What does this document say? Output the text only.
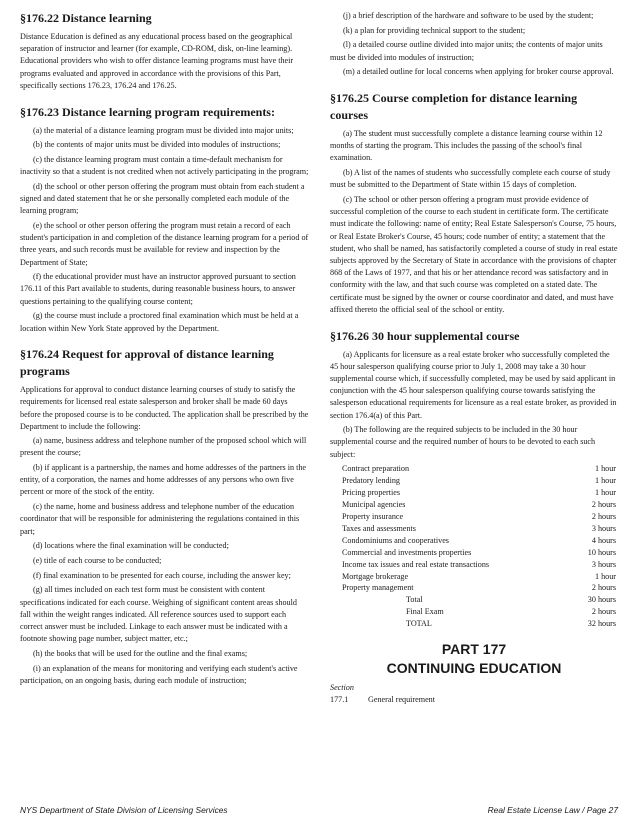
§176.22 Distance learning

Distance Education is defined as any educational process based on the geographical separation of instructor and learner (for example, CD-ROM, disk, on-line learning). Educational providers who wish to offer distance learning programs must have their programs evaluated and approved in accordance with the provisions of this Part, specifically sections 176.23, 176.24 and 176.25.

§176.23 Distance learning program requirements:

(a) the material of a distance learning program must be divided into major units;

(b) the contents of major units must be divided into modules of instructions;

(c) the distance learning program must contain a time-default mechanism for inactivity so that a student is not credited when not actively participating in the program;

(d) the school or other person offering the program must obtain from each student a signed and dated statement that he or she personally completed each module of the learning program;

(e) the school or other person offering the program must retain a record of each student's participation in and completion of the distance learning program for a period of three years, and such records must be available for review and inspection by the Department of State;

(f) the educational provider must have an instructor approved pursuant to section 176.11 of this Part available to students, during reasonable business hours, to answer questions pertaining to the qualifying course content;

(g) the course must include a proctored final examination which must be held at a location within New York State approved by the Department.

§176.24 Request for approval of distance learning programs

Applications for approval to conduct distance learning courses of study to satisfy the requirements for licensed real estate salesperson and broker shall be made 60 days before the proposed course is to be conducted. The application shall be prescribed by the Department to include the following:

(a) name, business address and telephone number of the proposed school which will present the course;

(b) if applicant is a partnership, the names and home addresses of the partners in the entity, of a corporation, the names and home addresses of any persons who own five percent or more of the stock of the entity.

(c) the name, home and business address and telephone number of the education coordinator that will be responsible for administering the regulations contained in this part;

(d) locations where the final examination will be conducted;

(e) title of each course to be conducted;

(f) final examination to be presented for each course, including the answer key;

(g) all times included on each test form must be consistent with content specifications indicated for each course. Weighing of significant content areas should fall within the weight ranges indicated. All reference sources used to support each correct answer must be included. Linkage to each answer must be indicated with a footnote showing page number, subject matter, etc.;

(h) the books that will be used for the outline and the final exams;

(i) an explanation of the means for monitoring and verifying each student's active participation, on an ongoing basis, during each module of instruction;

(j) a brief description of the hardware and software to be used by the student;

(k) a plan for providing technical support to the student;

(l) a detailed course outline divided into major units; the contents of major units must be divided into modules of instruction;

(m) a detailed outline for local concerns when applying for broker course approval.

§176.25 Course completion for distance learning courses

(a) The student must successfully complete a distance learning course within 12 months of starting the program. This includes the passing of the school's final examination.

(b) A list of the names of students who successfully complete each course of study must be submitted to the Department of State within 15 days of completion.

(c) The school or other person offering a program must provide evidence of successful completion of the course to each student in certificate form. The certificate must indicate the following: name of entity; Real Estate Salesperson's Course, 75 hours, or Real Estate Broker's Course, 45 hours; code number of entity; a statement that the student, who shall be named, has satisfactorily completed a course of study in real estate subjects approved by the Secretary of State in accordance with the provisions of chapter 868 of the Laws of 1977, and that his or her attendance record was satisfactory and in conformity with the law, and that such course was completed on a stated date. The certificate must be signed by the owner or course coordinator and dated, and must have affixed thereto the official seal of the school or entity.

§176.26 30 hour supplemental course

(a) Applicants for licensure as a real estate broker who successfully completed the 45 hour salesperson qualifying course prior to July 1, 2008 may take a 30 hour supplemental course which, if successfully completed, may be used by said applicant in conjunction with the 45 hour salesperson qualifying course towards satisfying the salesperson educational requirements for licensure as a real estate broker, as provided in section 176.4(a) of this Part.

(b) The following are the required subjects to be included in the 30 hour supplemental course and the required number of hours to be devoted to each such subject:

Contract preparation	1 hour
Predatory lending	1 hour
Pricing properties	1 hour
Municipal agencies	2 hours
Property insurance	2 hours
Taxes and assessments	3 hours
Condominiums and cooperatives	4 hours
Commercial and investments properties	10 hours
Income tax issues and real estate transactions	3 hours
Mortgage brokerage	1 hour
Property management	2 hours
Total	30 hours
Final Exam	2 hours
TOTAL	32 hours
PART 177
CONTINUING EDUCATION
Section
177.1 General requirement
NYS Department of State Division of Licensing Services	Real Estate License Law / Page 27
